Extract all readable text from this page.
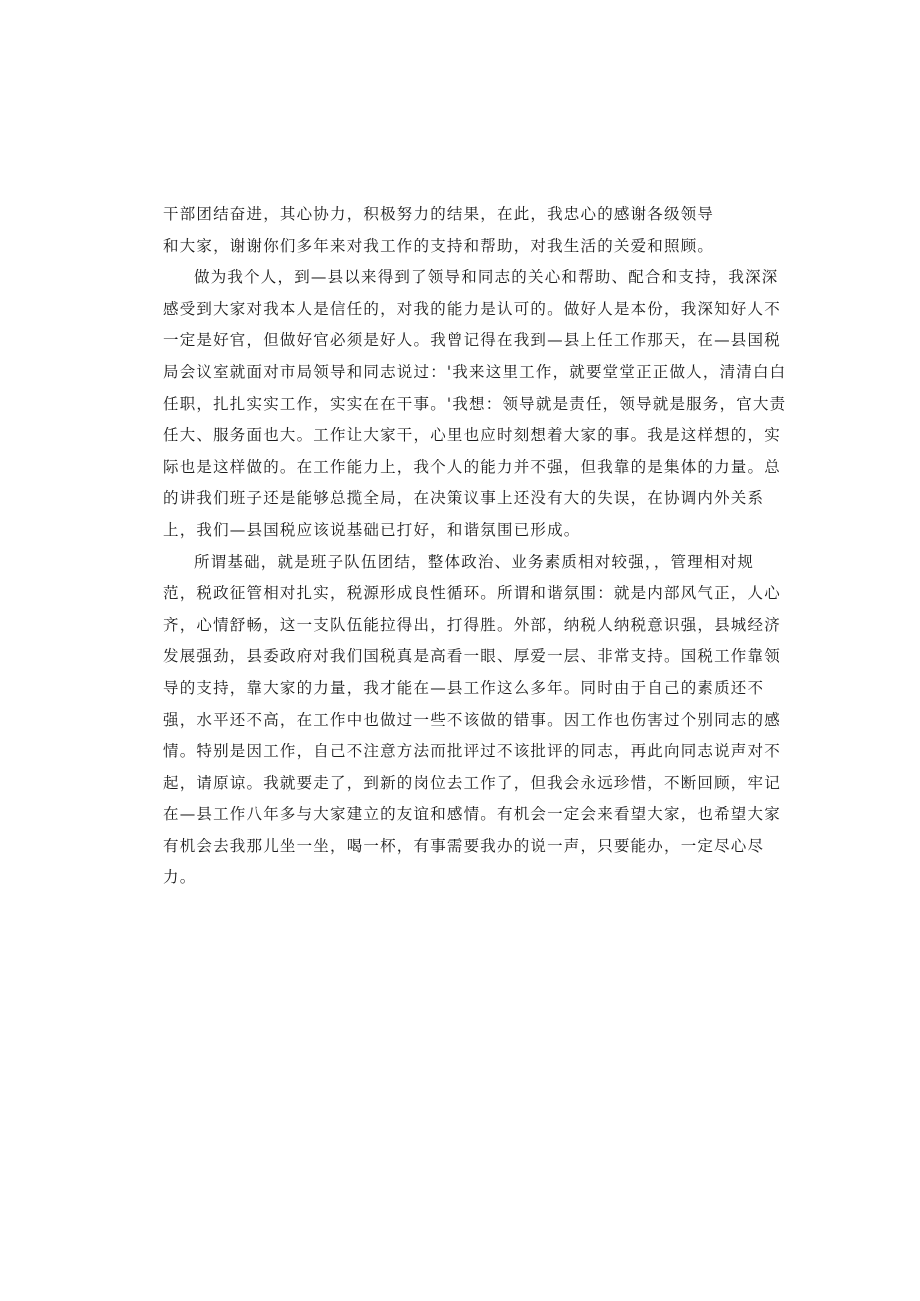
干部团结奋进，其心协力，积极努力的结果，在此，我忠心的感谢各级领导
和大家，谢谢你们多年来对我工作的支持和帮助，对我生活的关爱和照顾。
做为我个人，到—县以来得到了领导和同志的关心和帮助、配合和支持，我深深
感受到大家对我本人是信任的，对我的能力是认可的。做好人是本份，我深知好人不
一定是好官，但做好官必须是好人。我曾记得在我到—县上任工作那天，在—县国税
局会议室就面对市局领导和同志说过：'我来这里工作，就要堂堂正正做人，清清白白
任职，扎扎实实工作，实实在在干事。'我想：领导就是责任，领导就是服务，官大责
任大、服务面也大。工作让大家干，心里也应时刻想着大家的事。我是这样想的，实
际也是这样做的。在工作能力上，我个人的能力并不强，但我靠的是集体的力量。总
的讲我们班子还是能够总揽全局，在决策议事上还没有大的失误，在协调内外关系
上，我们—县国税应该说基础已打好，和谐氛围已形成。
所谓基础，就是班子队伍团结，整体政治、业务素质相对较强，，管理相对规
范，税政征管相对扎实，税源形成良性循环。所谓和谐氛围：就是内部风气正，人心
齐，心情舒畅，这一支队伍能拉得出，打得胜。外部，纳税人纳税意识强，县城经济
发展强劲，县委政府对我们国税真是高看一眼、厚爱一层、非常支持。国税工作靠领
导的支持，靠大家的力量，我才能在—县工作这么多年。同时由于自己的素质还不
强，水平还不高，在工作中也做过一些不该做的错事。因工作也伤害过个别同志的感
情。特别是因工作，自己不注意方法而批评过不该批评的同志，再此向同志说声对不
起，请原谅。我就要走了，到新的岗位去工作了，但我会永远珍惜，不断回顾，牢记
在—县工作八年多与大家建立的友谊和感情。有机会一定会来看望大家，也希望大家
有机会去我那儿坐一坐，喝一杯，有事需要我办的说一声，只要能办，一定尽心尽
力。
